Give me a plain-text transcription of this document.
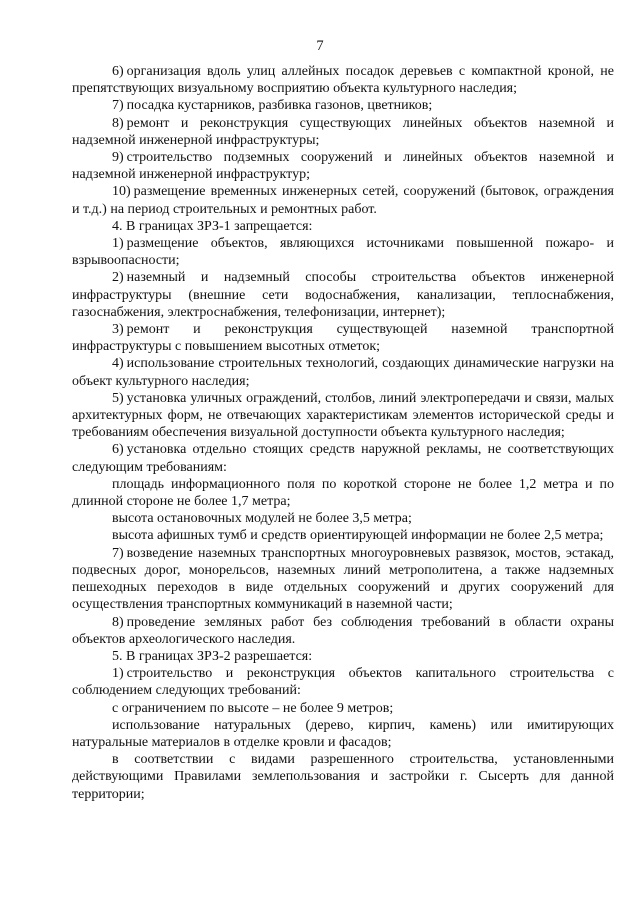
7

6) организация вдоль улиц аллейных посадок деревьев с компактной кроной, не препятствующих визуальному восприятию объекта культурного наследия;

7) посадка кустарников, разбивка газонов, цветников;

8) ремонт и реконструкция существующих линейных объектов наземной и надземной инженерной инфраструктуры;

9) строительство подземных сооружений и линейных объектов наземной и надземной инженерной инфраструктур;

10) размещение временных инженерных сетей, сооружений (бытовок, ограждения и т.д.) на период строительных и ремонтных работ.

4. В границах ЗРЗ-1 запрещается:

1) размещение объектов, являющихся источниками повышенной пожаро- и взрывоопасности;

2) наземный и надземный способы строительства объектов инженерной инфраструктуры (внешние сети водоснабжения, канализации, теплоснабжения, газоснабжения, электроснабжения, телефонизации, интернет);

3) ремонт и реконструкция существующей наземной транспортной инфраструктуры с повышением высотных отметок;

4) использование строительных технологий, создающих динамические нагрузки на объект культурного наследия;

5) установка уличных ограждений, столбов, линий электропередачи и связи, малых архитектурных форм, не отвечающих характеристикам элементов исторической среды и требованиям обеспечения визуальной доступности объекта культурного наследия;

6) установка отдельно стоящих средств наружной рекламы, не соответствующих следующим требованиям:

площадь информационного поля по короткой стороне не более 1,2 метра и по длинной стороне не более 1,7 метра;

высота остановочных модулей не более 3,5 метра;

высота афишных тумб и средств ориентирующей информации не более 2,5 метра;

7) возведение наземных транспортных многоуровневых развязок, мостов, эстакад, подвесных дорог, монорельсов, наземных линий метрополитена, а также надземных пешеходных переходов в виде отдельных сооружений и других сооружений для осуществления транспортных коммуникаций в наземной части;

8) проведение земляных работ без соблюдения требований в области охраны объектов археологического наследия.

5. В границах ЗРЗ-2 разрешается:

1) строительство и реконструкция объектов капитального строительства с соблюдением следующих требований:

с ограничением по высоте – не более 9 метров;

использование натуральных (дерево, кирпич, камень) или имитирующих натуральные материалов в отделке кровли и фасадов;

в соответствии с видами разрешенного строительства, установленными действующими Правилами землепользования и застройки г. Сысерть для данной территории;
